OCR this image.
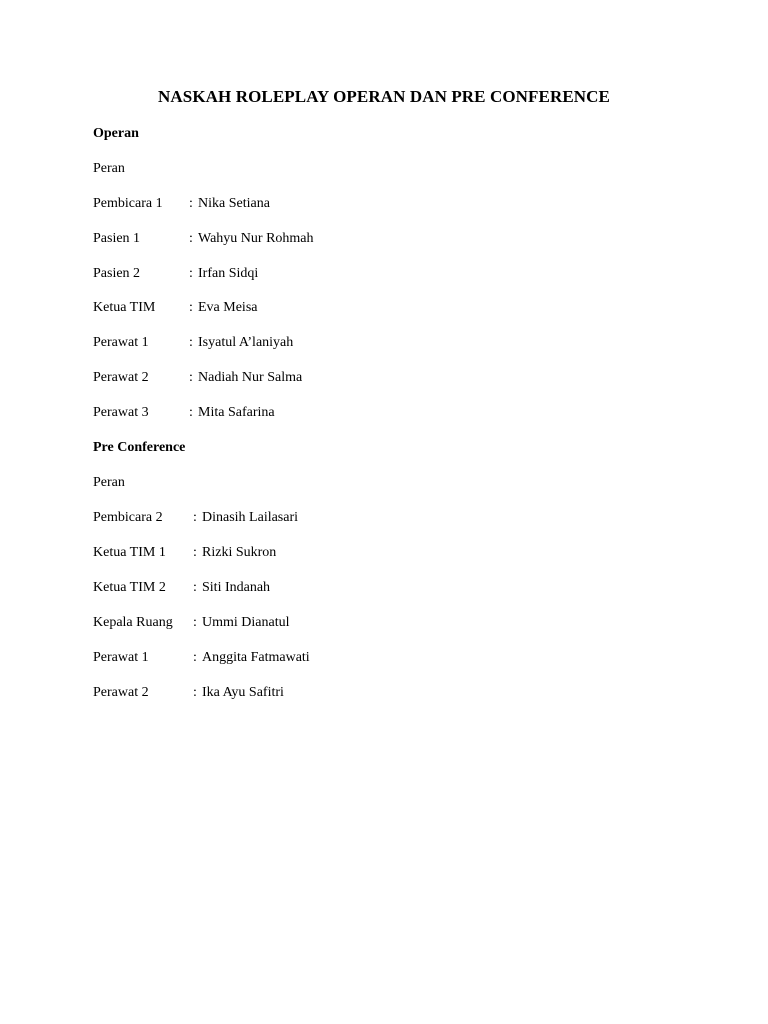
NASKAH ROLEPLAY OPERAN DAN PRE CONFERENCE
Operan
Peran
Pembicara 1 : Nika Setiana
Pasien 1	: Wahyu Nur Rohmah
Pasien 2	: Irfan Sidqi
Ketua TIM : Eva Meisa
Perawat 1	: Isyatul A’laniyah
Perawat 2	: Nadiah Nur Salma
Perawat 3	: Mita Safarina
Pre Conference
Peran
Pembicara 2 : Dinasih Lailasari
Ketua TIM 1 : Rizki Sukron
Ketua TIM 2 : Siti Indanah
Kepala Ruang : Ummi Dianatul
Perawat 1	: Anggita Fatmawati
Perawat 2	: Ika Ayu Safitri
